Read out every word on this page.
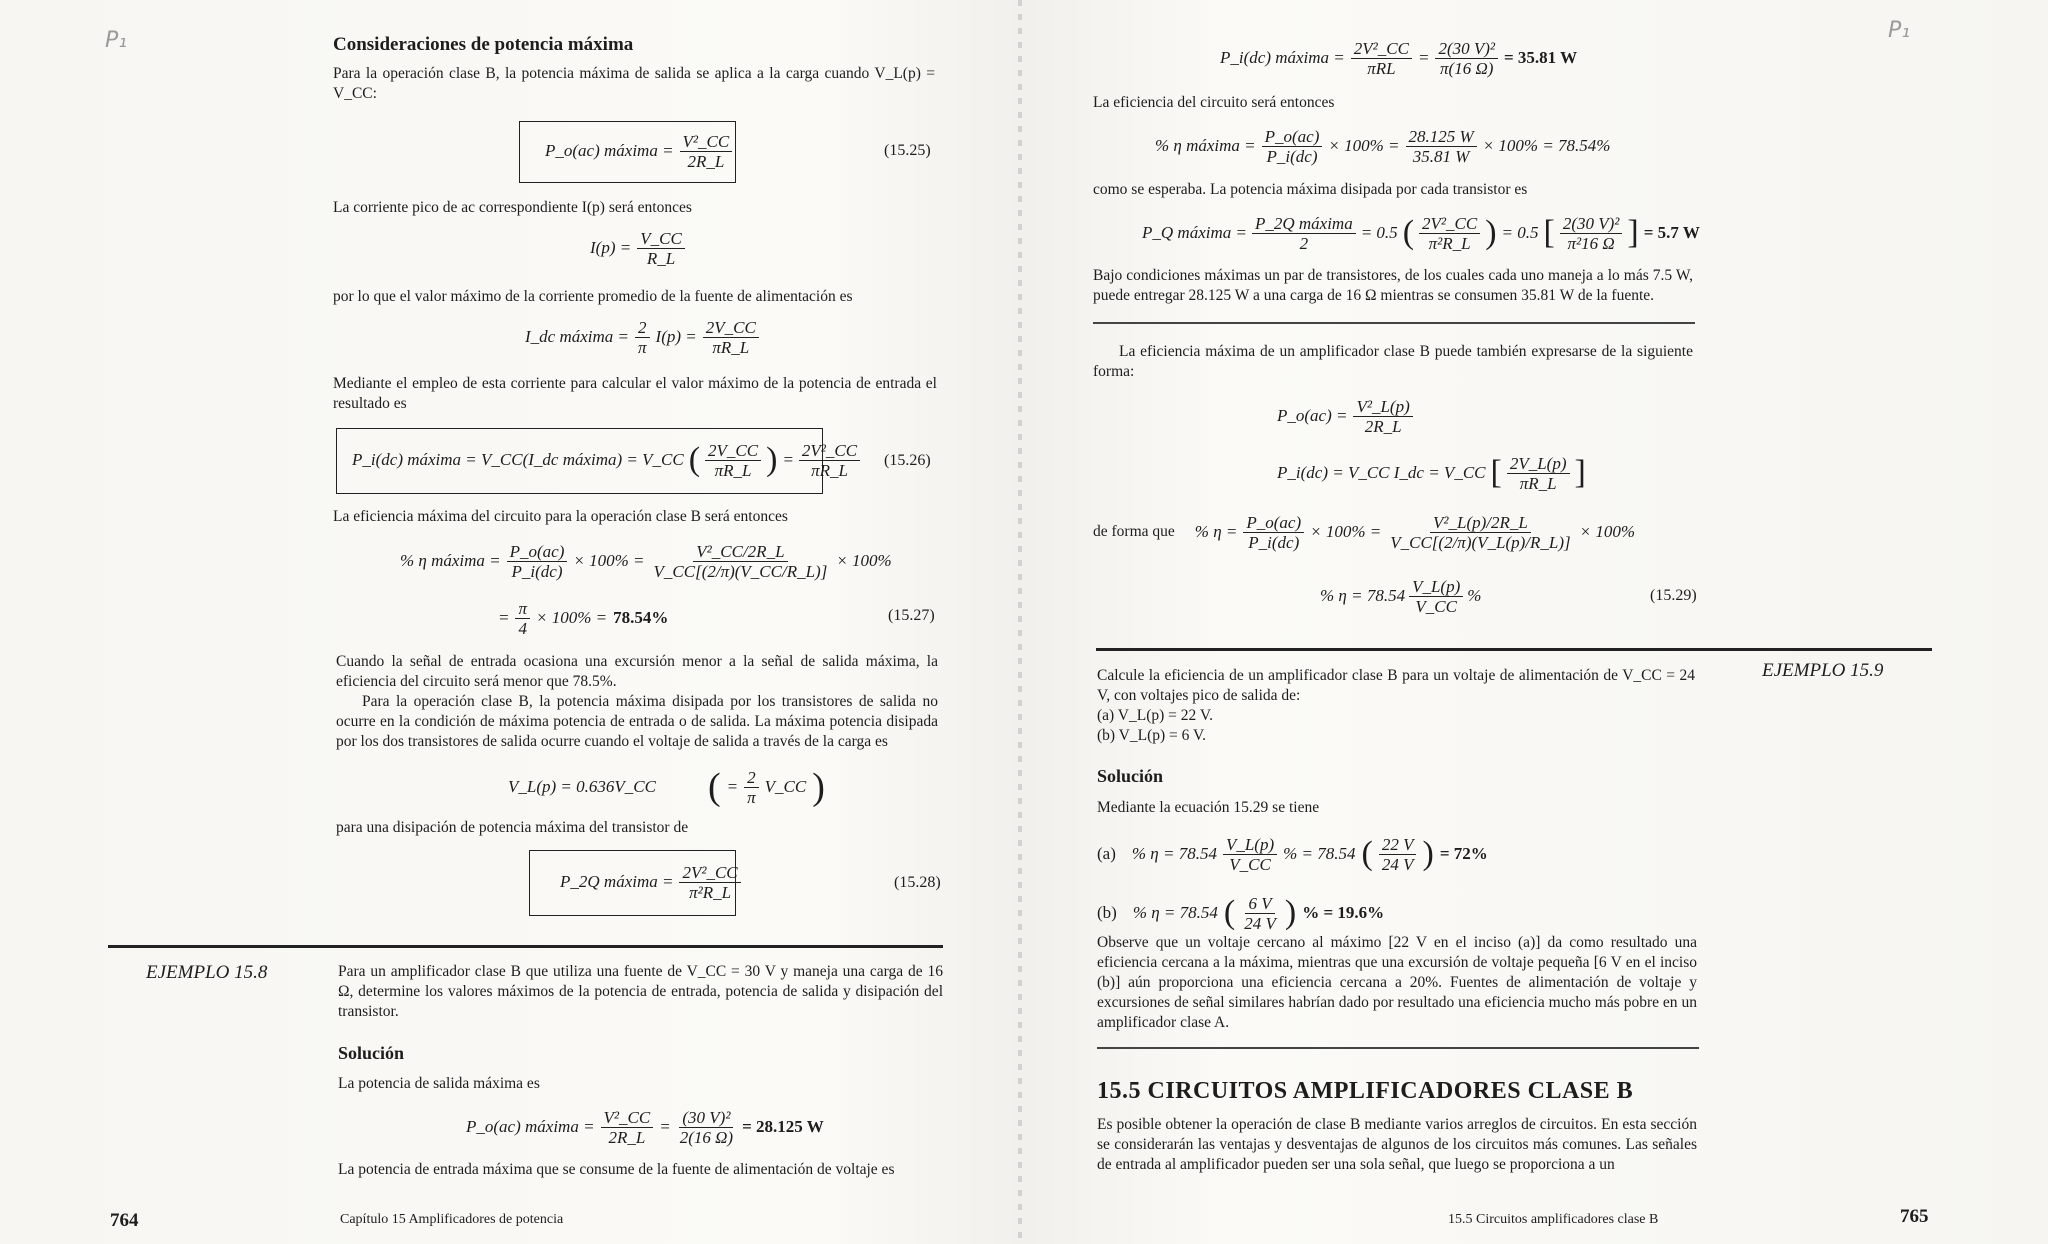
P₁	Consideraciones de potencia máxima
Para la operación clase B, la potencia máxima de salida se aplica a la carga cuando V_L(p) = V_CC:
P_o(ac) máxima = $\frac{\text{V²\_CC}}{2R\_L}$	(15.25)
La corriente pico de ac correspondiente I(p) será entonces
$I(p) = \frac{V\_CC}{R\_L}$
por lo que el valor máximo de la corriente promedio de la fuente de alimentación es
I_dc máxima = $\frac{2}{\pi} I(p) = \frac{2V\_CC}{\pi R\_L}$
Mediante el empleo de esta corriente para calcular el valor máximo de la potencia de entrada el resultado es
P_i(dc) máxima = V_CC(I_dc máxima) = V_CC ( $\frac{2V\_CC}{\pi R\_L}$ ) = $\frac{\text{2V²\_CC}}{\pi R\_L} (15.26)$
La eficiencia máxima del circuito para la operación clase B será entonces
% η máxima = $\frac{P\_o(ac)}{P\_i(dc)} \times 100\% = \frac{\text{V²\_CC/2R\_L}}{V\_CC[(2/\pi)(V\_CC/R\_L)]} \times 100\%$
= $\frac{\pi}{4} \times 100\% = 78.54\%$	(15.27)
Cuando la señal de entrada ocasiona una excursión menor a la señal de salida máxima, la eficiencia del circuito será menor que 78.5%.
Para la operación clase B, la potencia máxima disipada por los transistores de salida no ocurre en la condición de máxima potencia de entrada o de salida. La máxima potencia disipada por los dos transistores de salida ocurre cuando el voltaje de salida a través de la carga es
V_L(p) = 0.636V_CC ( = $\frac{2}{\pi}$ V_CC )
para una disipación de potencia máxima del transistor de
P_2Q máxima = $\frac{\text{2V²\_CC}}{\text{π²R\_L}}$	(15.28)
EJEMPLO 15.8	Para un amplificador clase B que utiliza una fuente de V_CC = 30 V y maneja una carga de 16 Ω, determine los valores máximos de la potencia de entrada, potencia de salida y disipación del transistor.
Solución
La potencia de salida máxima es
P_o(ac) máxima = $\frac{\text{V²\_CC}}{2R\_L} = \frac{\text{(30 V)²}}{2(16 \Omega)} = 28.125$ W
La potencia de entrada máxima que se consume de la fuente de alimentación de voltaje es
764	Capítulo 15 Amplificadores de potencia
P₁
P_i(dc) máxima = $\frac{\text{2V²\_CC}}{\text{πRL}} = \frac{\text{2(30 V)²}}{\pi(16 \Omega)} = 35.81$ W
La eficiencia del circuito será entonces
% η máxima = $\frac{P\_o(ac)}{P\_i(dc)} \times 100\% = \frac{28.125 W}{35.81 W} \times 100\% = 78.54\%$
como se esperaba. La potencia máxima disipada por cada transistor es
P_Q máxima = $\frac{\text{P\_2Q máxima}}{2} = 0.5$ ( $\frac{\text{2V²\_CC}}{\text{π²R\_L}}$ ) = 0.5 [ $\frac{\text{2(30 V)²}}{\text{π²16 Ω}}$ ] = 5.7 W
Bajo condiciones máximas un par de transistores, de los cuales cada uno maneja a lo más 7.5 W, puede entregar 28.125 W a una carga de 16 Ω mientras se consumen 35.81 W de la fuente.
La eficiencia máxima de un amplificador clase B puede también expresarse de la siguiente forma:
P_o(ac) = $\frac{\text{V²\_L(p)}}{2R\_L}$
P_i(dc) = V_CC I_dc = V_CC [ $\frac{2V\_L(p)}{\pi R\_L}$ ]
de forma que % $\eta = \frac{P\_o(ac)}{P\_i(dc)} \times 100\% = \frac{\text{V²\_L(p)/2R\_L}}{V\_CC[(2/\pi)(V\_L(p)/R\_L)]} \times 100\%$
% $\eta = 78.54 \frac{V\_L(p)}{V\_CC}$ %	(15.29)
EJEMPLO 15.9
Calcule la eficiencia de un amplificador clase B para un voltaje de alimentación de V_CC = 24 V, con voltajes pico de salida de:
(a) V_L(p) = 22 V.
(b) V_L(p) = 6 V.
Solución
Mediante la ecuación 15.29 se tiene
(a) % $\eta = 78.54 \frac{V\_L(p)}{V\_CC}$ % = 78.54 ( $\frac{22 V}{24 V}$ ) = 72%
(b) % η = 78.54 ( $\frac{6 V}{24 V}$ ) % = 19.6%
Observe que un voltaje cercano al máximo [22 V en el inciso (a)] da como resultado una eficiencia cercana a la máxima, mientras que una excursión de voltaje pequeña [6 V en el inciso (b)] aún proporciona una eficiencia cercana a 20%. Fuentes de alimentación de voltaje y excursiones de señal similares habrían dado por resultado una eficiencia mucho más pobre en un amplificador clase A.
15.5 CIRCUITOS AMPLIFICADORES CLASE B
Es posible obtener la operación de clase B mediante varios arreglos de circuitos. En esta sección se considerarán las ventajas y desventajas de algunos de los circuitos más comunes. Las señales de entrada al amplificador pueden ser una sola señal, que luego se proporciona a un
15.5 Circuitos amplificadores clase B	765
